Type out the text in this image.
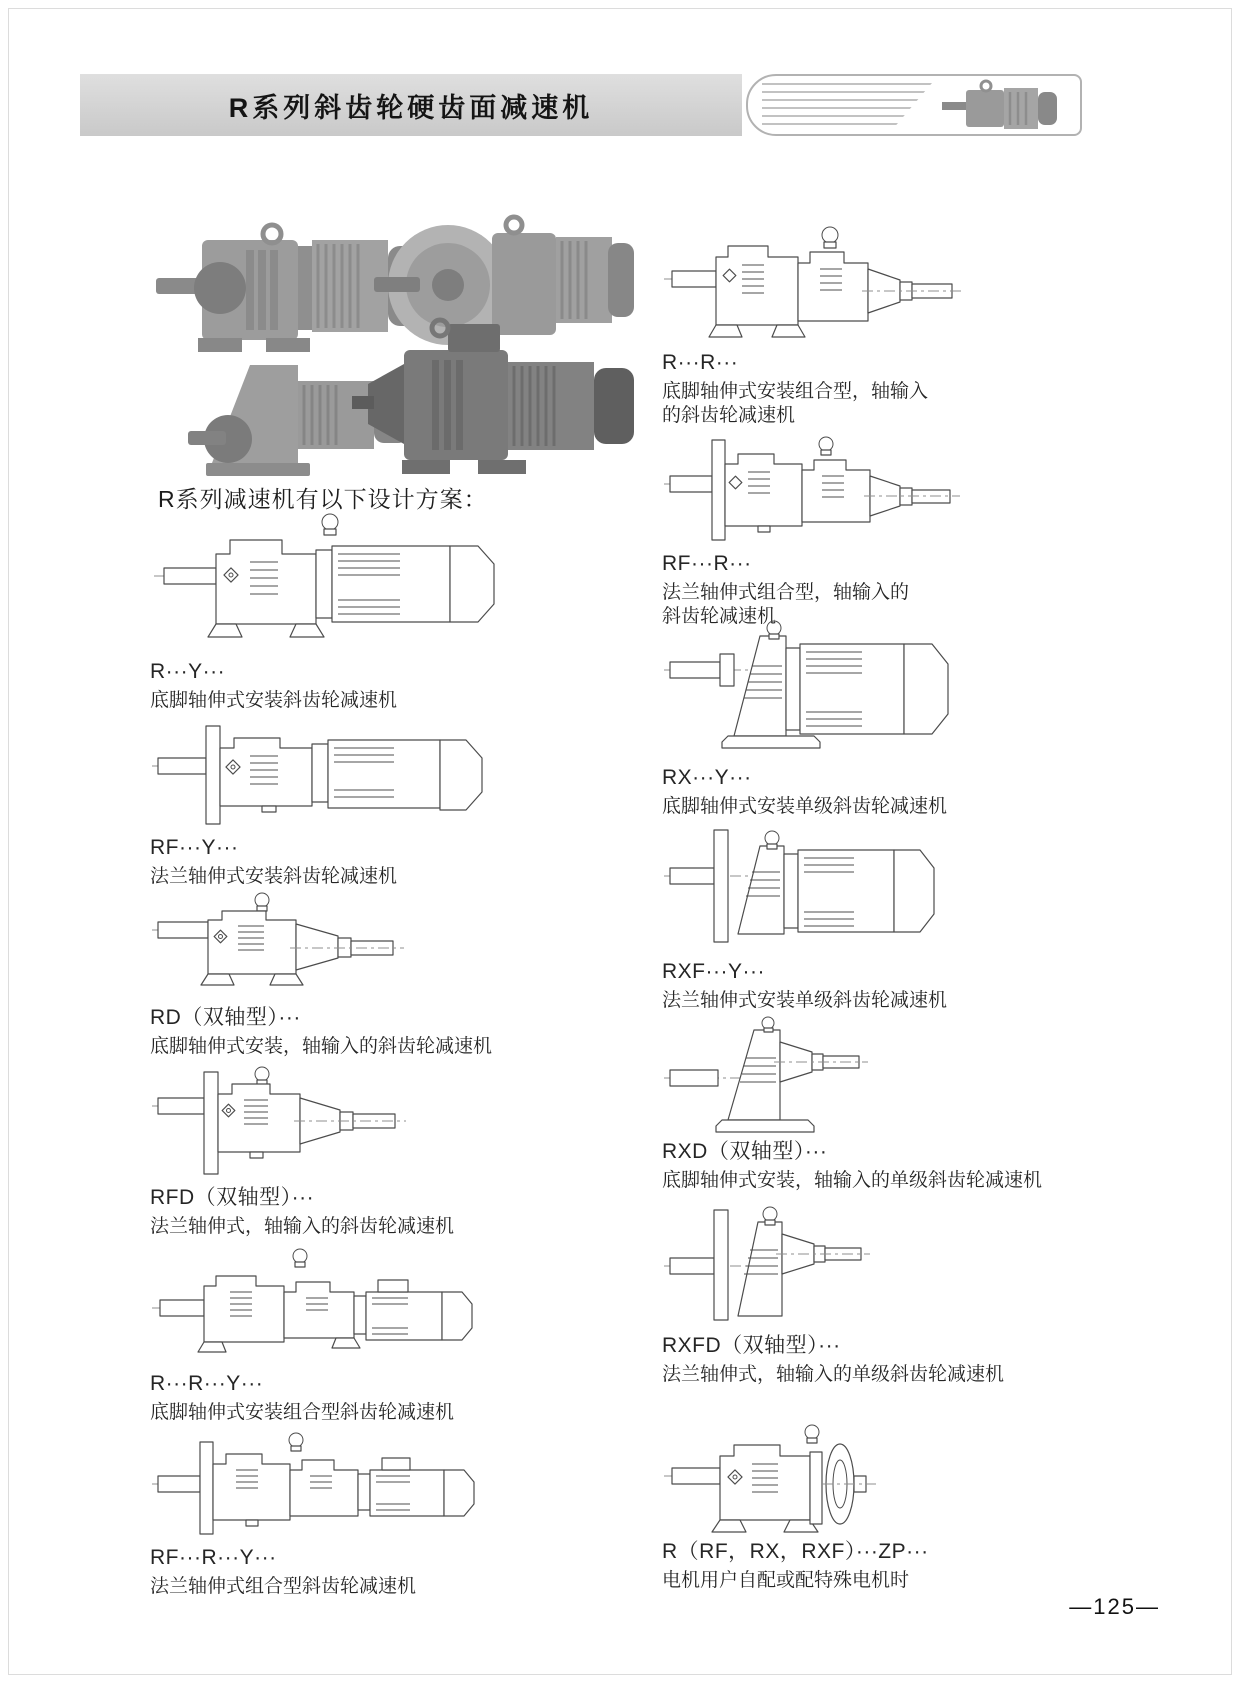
R系列斜齿轮硬齿面减速机
R系列减速机有以下设计方案：
R···Y···
底脚轴伸式安装斜齿轮减速机
RF···Y···
法兰轴伸式安装斜齿轮减速机
RD（双轴型）···
底脚轴伸式安装，轴输入的斜齿轮减速机
RFD（双轴型）···
法兰轴伸式，轴输入的斜齿轮减速机
R···R···Y···
底脚轴伸式安装组合型斜齿轮减速机
RF···R···Y···
法兰轴伸式组合型斜齿轮减速机
R···R···
底脚轴伸式安装组合型，轴输入的斜齿轮减速机
RF···R···
法兰轴伸式组合型，轴输入的斜齿轮减速机
RX···Y···
底脚轴伸式安装单级斜齿轮减速机
RXF···Y···
法兰轴伸式安装单级斜齿轮减速机
RXD（双轴型）···
底脚轴伸式安装，轴输入的单级斜齿轮减速机
RXFD（双轴型）···
法兰轴伸式，轴输入的单级斜齿轮减速机
R（RF，RX，RXF）···ZP···
电机用户自配或配特殊电机时
—125—
